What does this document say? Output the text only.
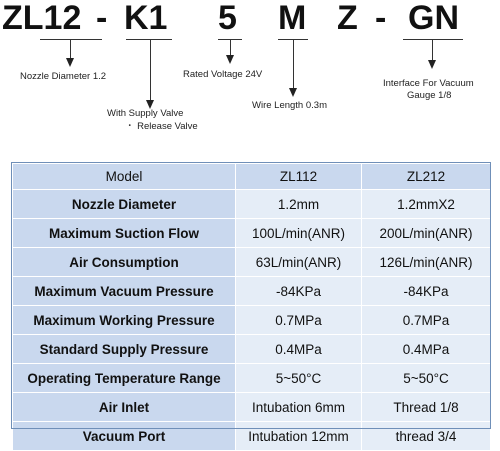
ZL12 - K1 5 M Z - GN
Nozzle Diameter 1.2
With Supply Valve
・ Release Valve
Rated Voltage 24V
Wire Length 0.3m
Interface For Vacuum
Gauge 1/8
Model	ZL112	ZL212
Nozzle Diameter	1.2mm	1.2mmX2
Maximum Suction Flow	100L/min(ANR)	200L/min(ANR)
Air Consumption	63L/min(ANR)	126L/min(ANR)
Maximum Vacuum Pressure	-84KPa	-84KPa
Maximum Working Pressure	0.7MPa	0.7MPa
Standard Supply Pressure	0.4MPa	0.4MPa
Operating Temperature Range	5~50°C	5~50°C
Air Inlet	Intubation 6mm	Thread 1/8
Vacuum Port	Intubation 12mm	thread 3/4
